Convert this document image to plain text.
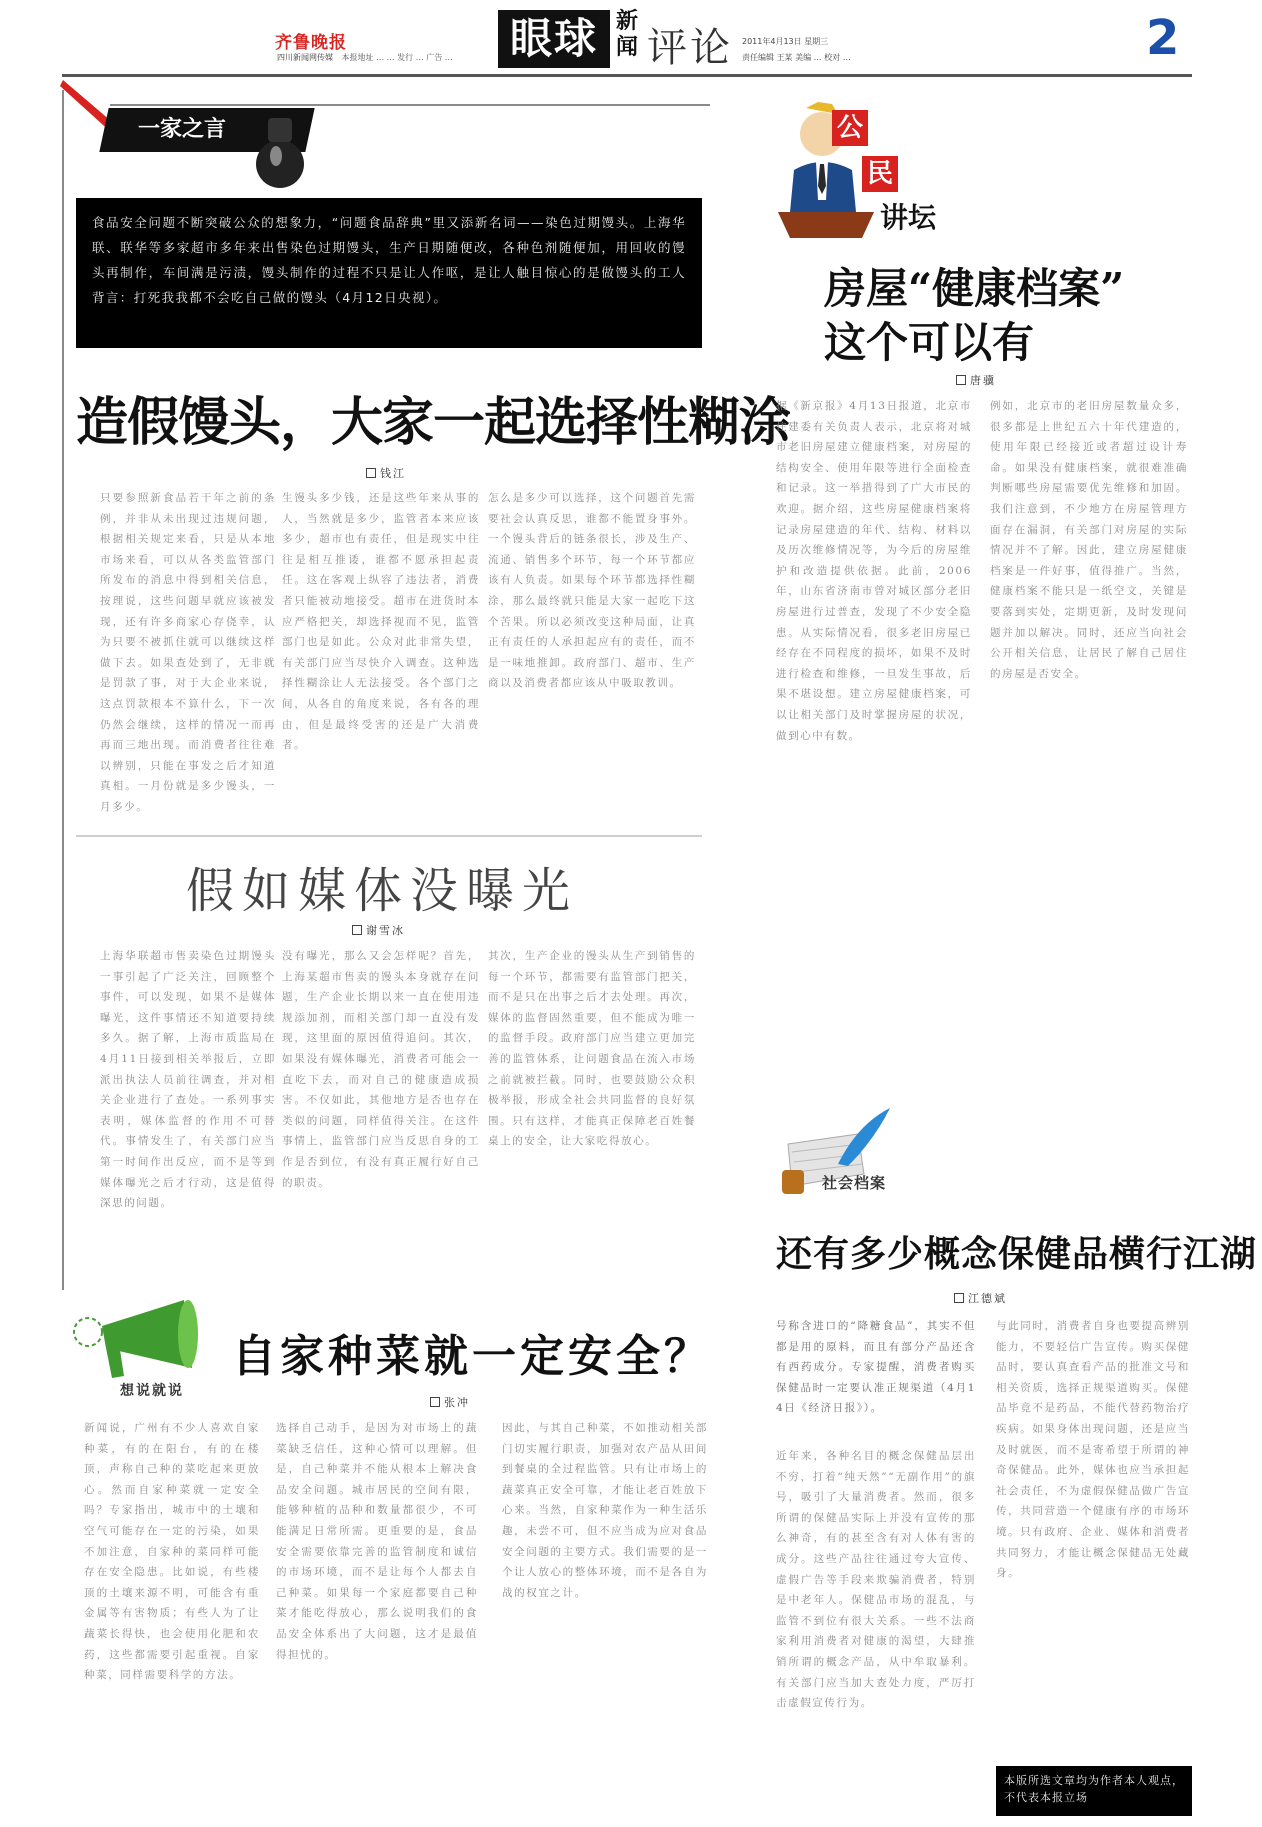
齐鲁晚报
四川新闻网传媒 本报地址 … … 发行 … 广告 … 眼球 新
闻 评论 2011年4月13日 星期三
责任编辑 王某 美编 … 校对 …	2
一家之言
食品安全问题不断突破公众的想象力，“问题食品辞典”里又添新名词——染色过期馒头。上海华联、联华等多家超市多年来出售染色过期馒头，生产日期随便改，各种色剂随便加，用回收的馒头再制作，车间满是污渍，馒头制作的过程不只是让人作呕，是让人触目惊心的是做馒头的工人背言：打死我我都不会吃自己做的馒头（4月12日央视）。
造假馒头，大家一起选择性糊涂
钱江
只要参照新食品若干年之前的条例，并非从未出现过违规问题，根据相关规定来看，只是从本地市场来看，可以从各类监管部门所发布的消息中得到相关信息，按理说，这些问题早就应该被发现，还有许多商家心存侥幸，认为只要不被抓住就可以继续这样做下去。如果查处到了，无非就是罚款了事，对于大企业来说，这点罚款根本不算什么，下一次仍然会继续，这样的情况一而再再而三地出现。而消费者往往难以辨别，只能在事发之后才知道真相。一月份就是多少馒头，一月多少。
生馒头多少钱，还是这些年来从事的人，当然就是多少，监管者本来应该多少，超市也有责任，但是现实中往往是相互推诿，谁都不愿承担起责任。这在客观上纵容了违法者，消费者只能被动地接受。超市在进货时本应严格把关，却选择视而不见，监管部门也是如此。公众对此非常失望，有关部门应当尽快介入调查。这种选择性糊涂让人无法接受。各个部门之间，从各自的角度来说，各有各的理由，但是最终受害的还是广大消费者。
怎么是多少可以选择，这个问题首先需要社会认真反思，谁都不能置身事外。一个馒头背后的链条很长，涉及生产、流通、销售多个环节，每一个环节都应该有人负责。如果每个环节都选择性糊涂，那么最终就只能是大家一起吃下这个苦果。所以必须改变这种局面，让真正有责任的人承担起应有的责任，而不是一味地推卸。政府部门、超市、生产商以及消费者都应该从中吸取教训。
假如媒体没曝光
谢雪冰
上海华联超市售卖染色过期馒头一事引起了广泛关注，回顾整个事件，可以发现，如果不是媒体曝光，这件事情还不知道要持续多久。据了解，上海市质监局在4月11日接到相关举报后，立即派出执法人员前往调查，并对相关企业进行了查处。一系列事实表明，媒体监督的作用不可替代。事情发生了，有关部门应当第一时间作出反应，而不是等到媒体曝光之后才行动，这是值得深思的问题。
没有曝光，那么又会怎样呢？首先，上海某超市售卖的馒头本身就存在问题，生产企业长期以来一直在使用违规添加剂，而相关部门却一直没有发现，这里面的原因值得追问。其次，如果没有媒体曝光，消费者可能会一直吃下去，而对自己的健康造成损害。不仅如此，其他地方是否也存在类似的问题，同样值得关注。在这件事情上，监管部门应当反思自身的工作是否到位，有没有真正履行好自己的职责。
其次，生产企业的馒头从生产到销售的每一个环节，都需要有监管部门把关，而不是只在出事之后才去处理。再次，媒体的监督固然重要，但不能成为唯一的监督手段。政府部门应当建立更加完善的监管体系，让问题食品在流入市场之前就被拦截。同时，也要鼓励公众积极举报，形成全社会共同监督的良好氛围。只有这样，才能真正保障老百姓餐桌上的安全，让大家吃得放心。
想说就说
自家种菜就一定安全？
张冲
新闻说，广州有不少人喜欢自家种菜，有的在阳台，有的在楼顶，声称自己种的菜吃起来更放心。然而自家种菜就一定安全吗？专家指出，城市中的土壤和空气可能存在一定的污染，如果不加注意，自家种的菜同样可能存在安全隐患。比如说，有些楼顶的土壤来源不明，可能含有重金属等有害物质；有些人为了让蔬菜长得快，也会使用化肥和农药，这些都需要引起重视。自家种菜，同样需要科学的方法。
选择自己动手，是因为对市场上的蔬菜缺乏信任，这种心情可以理解。但是，自己种菜并不能从根本上解决食品安全问题。城市居民的空间有限，能够种植的品种和数量都很少，不可能满足日常所需。更重要的是，食品安全需要依靠完善的监管制度和诚信的市场环境，而不是让每个人都去自己种菜。如果每一个家庭都要自己种菜才能吃得放心，那么说明我们的食品安全体系出了大问题，这才是最值得担忧的。
因此，与其自己种菜，不如推动相关部门切实履行职责，加强对农产品从田间到餐桌的全过程监管。只有让市场上的蔬菜真正安全可靠，才能让老百姓放下心来。当然，自家种菜作为一种生活乐趣，未尝不可，但不应当成为应对食品安全问题的主要方式。我们需要的是一个让人放心的整体环境，而不是各自为战的权宜之计。
公
民
讲坛
房屋“健康档案”
这个可以有
唐骥
据《新京报》4月13日报道，北京市住建委有关负责人表示，北京将对城市老旧房屋建立健康档案，对房屋的结构安全、使用年限等进行全面检查和记录。这一举措得到了广大市民的欢迎。据介绍，这些房屋健康档案将记录房屋建造的年代、结构、材料以及历次维修情况等，为今后的房屋维护和改造提供依据。此前，2006年，山东省济南市曾对城区部分老旧房屋进行过普查，发现了不少安全隐患。从实际情况看，很多老旧房屋已经存在不同程度的损坏，如果不及时进行检查和维修，一旦发生事故，后果不堪设想。建立房屋健康档案，可以让相关部门及时掌握房屋的状况，做到心中有数。
例如，北京市的老旧房屋数量众多，很多都是上世纪五六十年代建造的，使用年限已经接近或者超过设计寿命。如果没有健康档案，就很难准确判断哪些房屋需要优先维修和加固。我们注意到，不少地方在房屋管理方面存在漏洞，有关部门对房屋的实际情况并不了解。因此，建立房屋健康档案是一件好事，值得推广。当然，健康档案不能只是一纸空文，关键是要落到实处，定期更新，及时发现问题并加以解决。同时，还应当向社会公开相关信息，让居民了解自己居住的房屋是否安全。
社会档案
还有多少概念保健品横行江湖
江德斌
号称含进口的“降糖食品”，其实不但都是用的原料，而且有部分产品还含有西药成分。专家提醒，消费者购买保健品时一定要认准正规渠道（4月14日《经济日报》）。
近年来，各种名目的概念保健品层出不穷，打着“纯天然”“无副作用”的旗号，吸引了大量消费者。然而，很多所谓的保健品实际上并没有宣传的那么神奇，有的甚至含有对人体有害的成分。这些产品往往通过夸大宣传、虚假广告等手段来欺骗消费者，特别是中老年人。保健品市场的混乱，与监管不到位有很大关系。一些不法商家利用消费者对健康的渴望，大肆推销所谓的概念产品，从中牟取暴利。有关部门应当加大查处力度，严厉打击虚假宣传行为。
与此同时，消费者自身也要提高辨别能力，不要轻信广告宣传。购买保健品时，要认真查看产品的批准文号和相关资质，选择正规渠道购买。保健品毕竟不是药品，不能代替药物治疗疾病。如果身体出现问题，还是应当及时就医，而不是寄希望于所谓的神奇保健品。此外，媒体也应当承担起社会责任，不为虚假保健品做广告宣传，共同营造一个健康有序的市场环境。只有政府、企业、媒体和消费者共同努力，才能让概念保健品无处藏身。
本版所选文章均为作者本人观点，不代表本报立场
